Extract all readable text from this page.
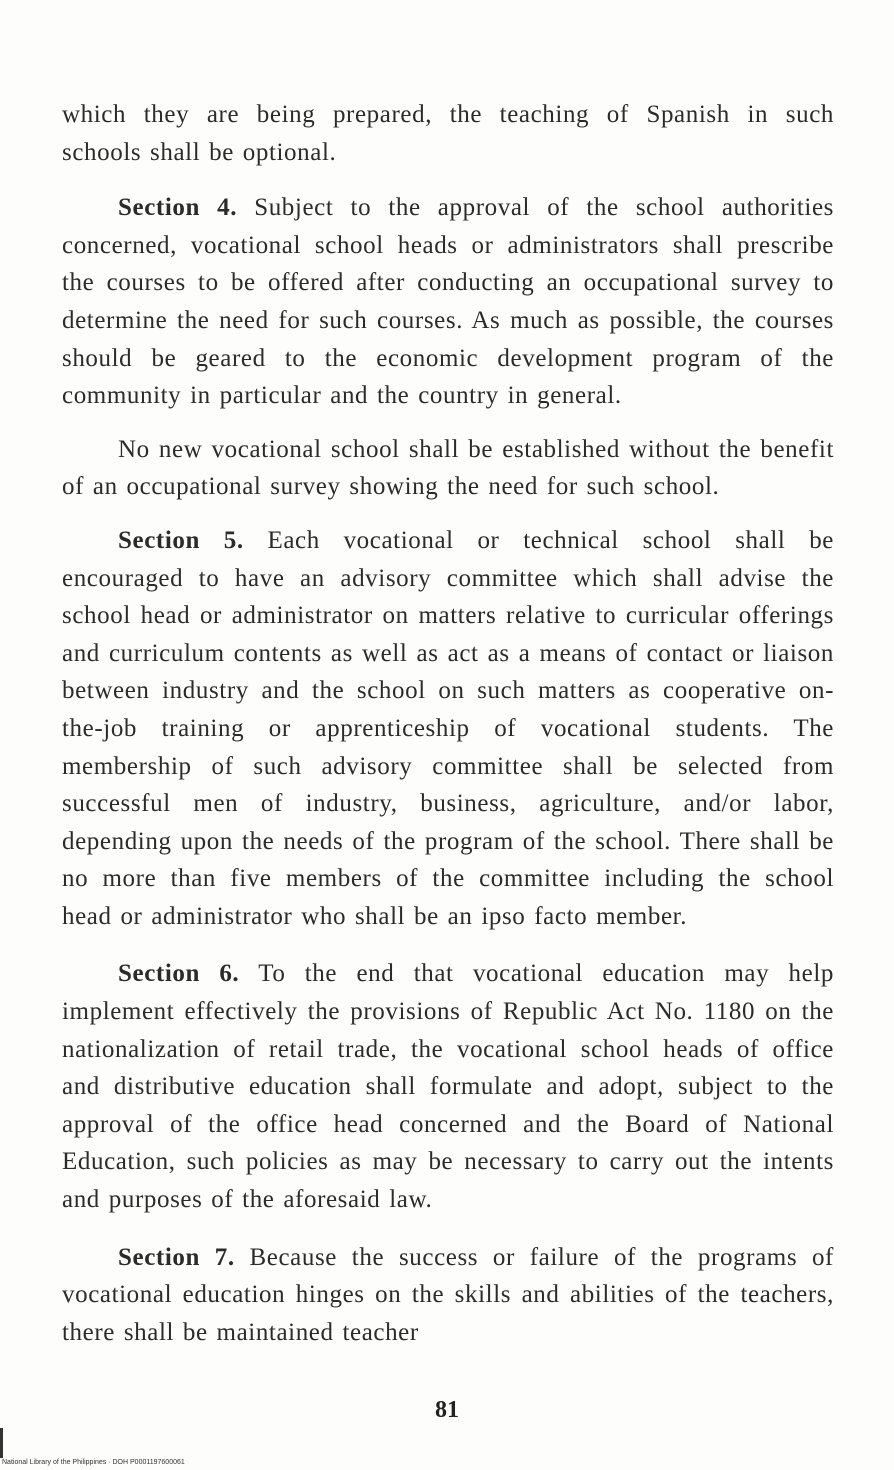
which they are being prepared, the teaching of Spanish in such schools shall be optional.

Section 4. Subject to the approval of the school authorities concerned, vocational school heads or administrators shall prescribe the courses to be offered after conducting an occupational survey to determine the need for such courses. As much as possible, the courses should be geared to the economic development program of the community in particular and the country in general.

No new vocational school shall be established without the benefit of an occupational survey showing the need for such school.

Section 5. Each vocational or technical school shall be encouraged to have an advisory committee which shall advise the school head or administrator on matters relative to curricular offerings and curriculum contents as well as act as a means of contact or liaison between industry and the school on such matters as cooperative on-the-job training or apprenticeship of vocational students. The membership of such advisory committee shall be selected from successful men of industry, business, agriculture, and/or labor, depending upon the needs of the program of the school. There shall be no more than five members of the committee including the school head or administrator who shall be an ipso facto member.

Section 6. To the end that vocational education may help implement effectively the provisions of Republic Act No. 1180 on the nationalization of retail trade, the vocational school heads of office and distributive education shall formulate and adopt, subject to the approval of the office head concerned and the Board of National Education, such policies as may be necessary to carry out the intents and purposes of the aforesaid law.

Section 7. Because the success or failure of the programs of vocational education hinges on the skills and abilities of the teachers, there shall be maintained teacher

81
National Library of the Philippines · DOH P0001197600061
